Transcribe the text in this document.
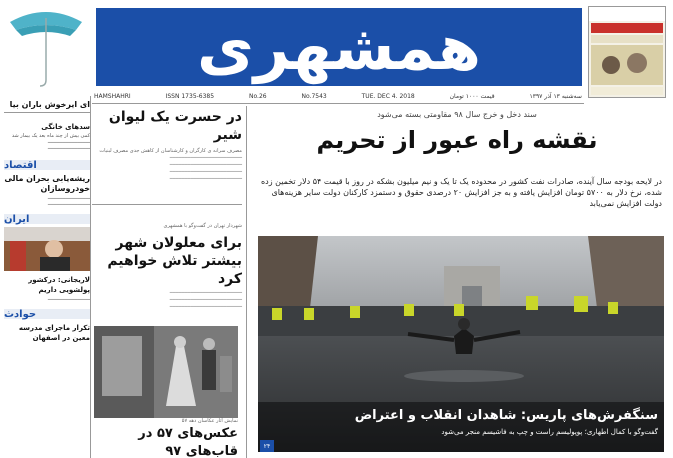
همشهری
HAMSHAHRI	ISSN 1735-6385	No.26	No.7543	TUE. DEC 4. 2018	قیمت ۱۰۰۰ تومان	سه‌شنبه ۱۳ آذر ۱۳۹۷
ای ایرخوش باران بیا
سدهای خانگی
کمی بیش از چند ماه بعد یک بیمار شد
━━━━━━━━━━━━━━
━━━━━━━━━━━━━━
اقتصاد
ریشه‌یابی بحران مالی خودروسازان
━━━━━━━━━━━━━━
━━━━━━━━━━━━━━
ایران
لاریجانی: درکشور پولشویی داریم
━━━━━━━━━━━━━━
حوادث
تکرار ماجرای مدرسه معین در اصفهان
در حسرت یک لیوان شیر
مصرف سرانه ی کارگران و کارشناسان از کاهش جدی مصرف لبنیات
━━━━━━━━━━━━━━━━━━━━━━━━
━━━━━━━━━━━━━━━━━━━━━━━━
━━━━━━━━━━━━━━━━━━━━━━━━
━━━━━━━━━━━━━━━━━━━━━━━━
شهردار تهران در گفت‌وگو با همشهری
برای معلولان شهر بیشتر تلاش خواهیم کرد
━━━━━━━━━━━━━━━━━━━━━━━━
━━━━━━━━━━━━━━━━━━━━━━━━
━━━━━━━━━━━━━━━━━━━━━━━━
نمایش آثار عکاسان دهه ۵۷
عکس‌های ۵۷ در قاب‌های ۹۷
سند دخل و خرج سال ۹۸ مقاومتی بسته می‌شود
نقشه راه عبور از تحریم
در لایحه بودجه سال آینده، صادرات نفت کشور در محدوده یک تا یک و نیم میلیون بشکه در روز با قیمت ۵۴ دلار تخمین زده شده، نرخ دلار به ۵۷۰۰ تومان افزایش یافته و به جز افزایش ۲۰ درصدی حقوق و دستمزد کارکنان دولت سایر هزینه‌های دولت افزایش نمی‌یابد
سنگفرش‌های پاریس: شاهدان انقلاب و اعتراض
گفت‌وگو با کمال اطهاری؛ پوپولیسم راست و چپ به فاشیسم منجر می‌شود
۲۴
